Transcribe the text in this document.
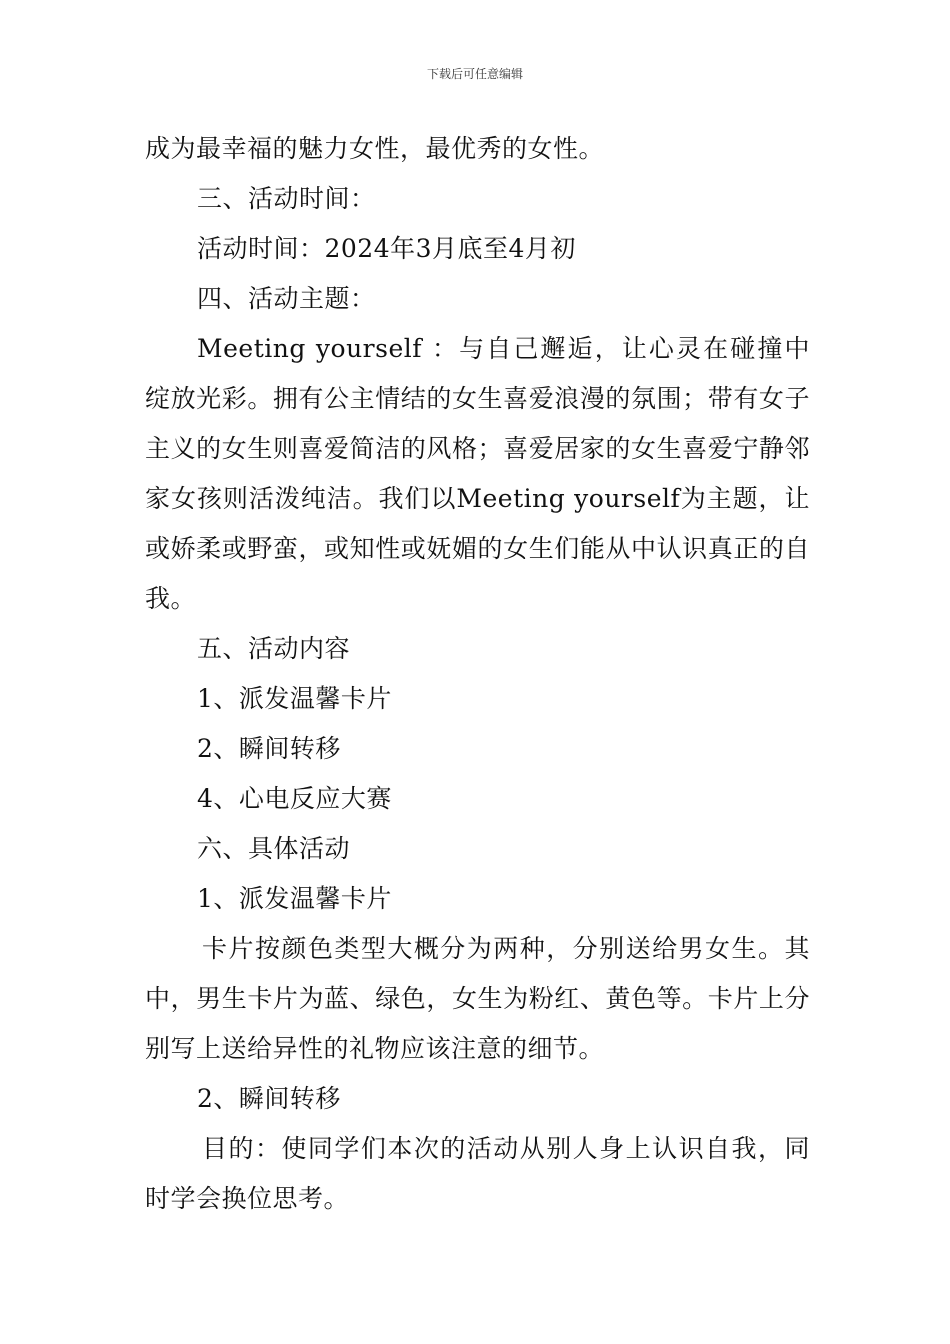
下载后可任意编辑

成为最幸福的魅力女性，最优秀的女性。

三、活动时间：

活动时间：2024年3月底至4月初

四、活动主题：

Meeting yourself ：与自己邂逅，让心灵在碰撞中绽放光彩。拥有公主情结的女生喜爱浪漫的氛围；带有女子主义的女生则喜爱简洁的风格；喜爱居家的女生喜爱宁静邻家女孩则活泼纯洁。我们以Meeting yourself为主题，让或娇柔或野蛮，或知性或妩媚的女生们能从中认识真正的自我。

五、活动内容

1、派发温馨卡片

2、瞬间转移

4、心电反应大赛

六、具体活动

1、派发温馨卡片

卡片按颜色类型大概分为两种，分别送给男女生。其中，男生卡片为蓝、绿色，女生为粉红、黄色等。卡片上分别写上送给异性的礼物应该注意的细节。

2、瞬间转移

目的：使同学们本次的活动从别人身上认识自我，同时学会换位思考。
